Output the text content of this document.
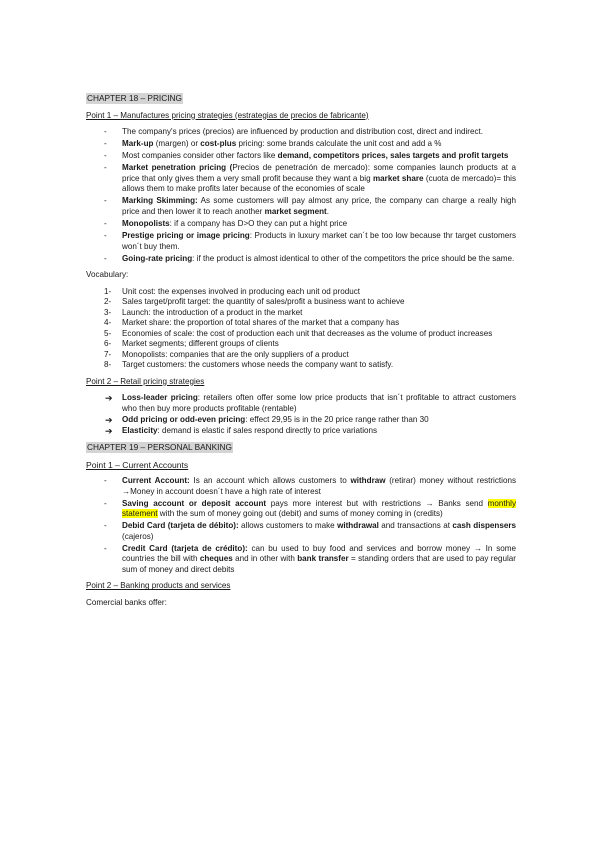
CHAPTER 18 – PRICING
Point 1 – Manufactures pricing strategies (estrategias de precios de fabricante)
- The company's prices (precios) are influenced by production and distribution cost, direct and indirect.
- Mark-up (margen) or cost-plus pricing: some brands calculate the unit cost and add a %
- Most companies consider other factors like demand, competitors prices, sales targets and profit targets
- Market penetration pricing (Precios de penetración de mercado): some companies launch products at a price that only gives them a very small profit because they want a big market share (cuota de mercado)= this allows them to make profits later because of the economies of scale
- Marking Skimming: As some customers will pay almost any price, the company can charge a really high price and then lower it to reach another market segment.
- Monopolists: if a company has D>O they can put a hight price
- Prestige pricing or image pricing: Products in luxury market can´t be too low because thr target customers won´t buy them.
- Going-rate pricing: if the product is almost identical to other of the competitors the price should be the same.
Vocabulary:
1- Unit cost: the expenses involved in producing each unit od product
2- Sales target/profit target: the quantity of sales/profit a business want to achieve
3- Launch: the introduction of a product in the market
4- Market share: the proportion of total shares of the market that a company has
5- Economies of scale: the cost of production each unit that decreases as the volume of product increases
6- Market segments; different groups of clients
7- Monopolists: companies that are the only suppliers of a product
8- Target customers: the customers whose needs the company want to satisfy.
Point 2 – Retail pricing strategies
➔ Loss-leader pricing: retailers often offer some low price products that isn´t profitable to attract customers who then buy more products profitable (rentable)
➔ Odd pricing or odd-even pricing: effect 29,95 is in the 20 price range rather than 30
➔ Elasticity: demand is elastic if sales respond directly to price variations
CHAPTER 19 – PERSONAL BANKING
Point 1 – Current Accounts
- Current Account: Is an account which allows customers to withdraw (retirar) money without restrictions →Money in account doesn´t have a high rate of interest
- Saving account or deposit account pays more interest but with restrictions → Banks send monthly statement with the sum of money going out (debit) and sums of money coming in (credits)
- Debid Card (tarjeta de débito): allows customers to make withdrawal and transactions at cash dispensers (cajeros)
- Credit Card (tarjeta de crédito): can bu used to buy food and services and borrow money → In some countries the bill with cheques and in other with bank transfer = standing orders that are used to pay regular sum of money and direct debits
Point 2 – Banking products and services
Comercial banks offer:
